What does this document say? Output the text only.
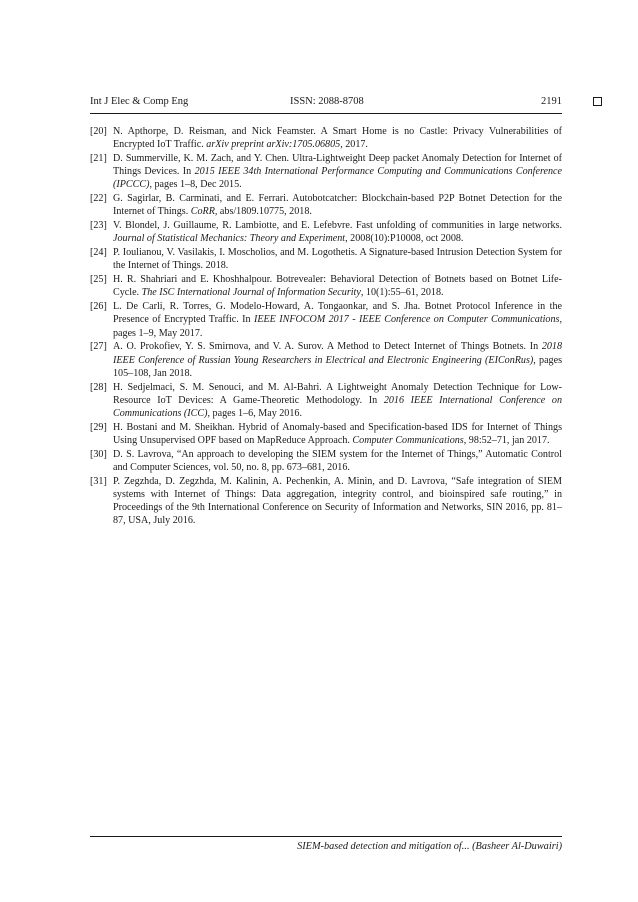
Int J Elec & Comp Eng	ISSN: 2088-8708	2191
[20] N. Apthorpe, D. Reisman, and Nick Feamster. A Smart Home is no Castle: Privacy Vulnerabilities of Encrypted IoT Traffic. arXiv preprint arXiv:1705.06805, 2017.
[21] D. Summerville, K. M. Zach, and Y. Chen. Ultra-Lightweight Deep packet Anomaly Detection for Internet of Things Devices. In 2015 IEEE 34th International Performance Computing and Communications Conference (IPCCC), pages 1–8, Dec 2015.
[22] G. Sagirlar, B. Carminati, and E. Ferrari. Autobotcatcher: Blockchain-based P2P Botnet Detection for the Internet of Things. CoRR, abs/1809.10775, 2018.
[23] V. Blondel, J. Guillaume, R. Lambiotte, and E. Lefebvre. Fast unfolding of communities in large networks. Journal of Statistical Mechanics: Theory and Experiment, 2008(10):P10008, oct 2008.
[24] P. Ioulianou, V. Vasilakis, I. Moscholios, and M. Logothetis. A Signature-based Intrusion Detection System for the Internet of Things. 2018.
[25] H. R. Shahriari and E. Khoshhalpour. Botrevealer: Behavioral Detection of Botnets based on Botnet Life-Cycle. The ISC International Journal of Information Security, 10(1):55–61, 2018.
[26] L. De Carli, R. Torres, G. Modelo-Howard, A. Tongaonkar, and S. Jha. Botnet Protocol Inference in the Presence of Encrypted Traffic. In IEEE INFOCOM 2017 - IEEE Conference on Computer Communications, pages 1–9, May 2017.
[27] A. O. Prokofiev, Y. S. Smirnova, and V. A. Surov. A Method to Detect Internet of Things Botnets. In 2018 IEEE Conference of Russian Young Researchers in Electrical and Electronic Engineering (EIConRus), pages 105–108, Jan 2018.
[28] H. Sedjelmaci, S. M. Senouci, and M. Al-Bahri. A Lightweight Anomaly Detection Technique for Low-Resource IoT Devices: A Game-Theoretic Methodology. In 2016 IEEE International Conference on Communications (ICC), pages 1–6, May 2016.
[29] H. Bostani and M. Sheikhan. Hybrid of Anomaly-based and Specification-based IDS for Internet of Things Using Unsupervised OPF based on MapReduce Approach. Computer Communications, 98:52–71, jan 2017.
[30] D. S. Lavrova, “An approach to developing the SIEM system for the Internet of Things,” Automatic Control and Computer Sciences, vol. 50, no. 8, pp. 673–681, 2016.
[31] P. Zegzhda, D. Zegzhda, M. Kalinin, A. Pechenkin, A. Minin, and D. Lavrova, “Safe integration of SIEM systems with Internet of Things: Data aggregation, integrity control, and bioinspired safe routing,” in Proceedings of the 9th International Conference on Security of Information and Networks, SIN 2016, pp. 81–87, USA, July 2016.
SIEM-based detection and mitigation of... (Basheer Al-Duwairi)
